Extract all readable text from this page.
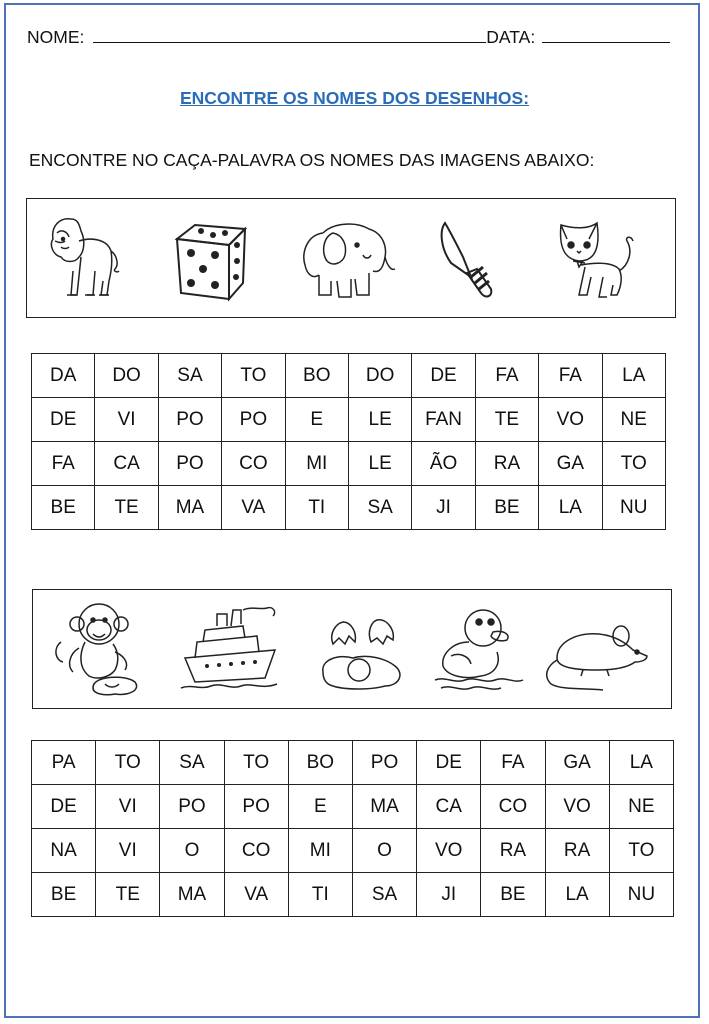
NOME:	DATA:
ENCONTRE OS NOMES DOS DESENHOS:
ENCONTRE NO CAÇA-PALAVRA OS NOMES DAS IMAGENS ABAIXO:
DA	DO	SA	TO	BO	DO	DE	FA	FA	LA
DE	VI	PO	PO	E	LE	FAN	TE	VO	NE
FA	CA	PO	CO	MI	LE	ÃO	RA	GA	TO
BE	TE	MA	VA	TI	SA	JI	BE	LA	NU
PA	TO	SA	TO	BO	PO	DE	FA	GA	LA
DE	VI	PO	PO	E	MA	CA	CO	VO	NE
NA	VI	O	CO	MI	O	VO	RA	RA	TO
BE	TE	MA	VA	TI	SA	JI	BE	LA	NU
